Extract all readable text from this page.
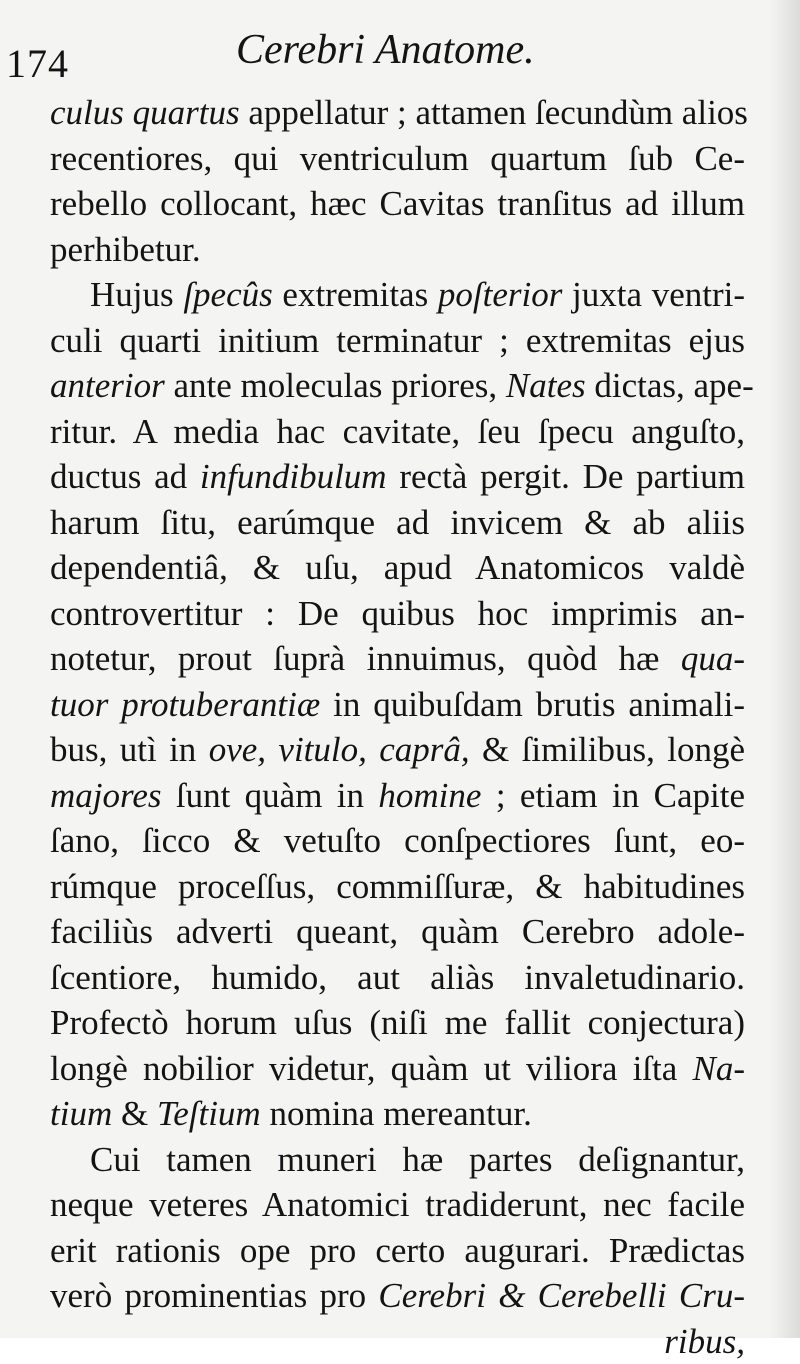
174	Cerebri Anatome.
culus quartus appellatur ; attamen ſecundùm alios
recentiores, qui ventriculum quartum ſub Ce-
rebello collocant, hæc Cavitas tranſitus ad illum
perhibetur.
Hujus ſpecûs extremitas poſterior juxta ventri-
culi quarti initium terminatur ; extremitas ejus
anterior ante moleculas priores, Nates dictas, ape-
ritur. A media hac cavitate, ſeu ſpecu anguſto,
ductus ad infundibulum rectà pergit. De partium
harum ſitu, earúmque ad invicem & ab aliis
dependentiâ, & uſu, apud Anatomicos valdè
controvertitur : De quibus hoc imprimis an-
notetur, prout ſuprà innuimus, quòd hæ qua-
tuor protuberantiæ in quibuſdam brutis animali-
bus, utì in ove, vitulo, caprâ, & ſimilibus, longè
majores ſunt quàm in homine ; etiam in Capite
ſano, ſicco & vetuſto conſpectiores ſunt, eo-
rúmque proceſſus, commiſſuræ, & habitudines
faciliùs adverti queant, quàm Cerebro adole-
ſcentiore, humido, aut aliàs invaletudinario.
Profectò horum uſus (niſi me fallit conjectura)
longè nobilior videtur, quàm ut viliora iſta Na-
tium & Teſtium nomina mereantur.
Cui tamen muneri hæ partes deſignantur,
neque veteres Anatomici tradiderunt, nec facile
erit rationis ope pro certo augurari. Prædictas
verò prominentias pro Cerebri & Cerebelli Cru-
ribus,
